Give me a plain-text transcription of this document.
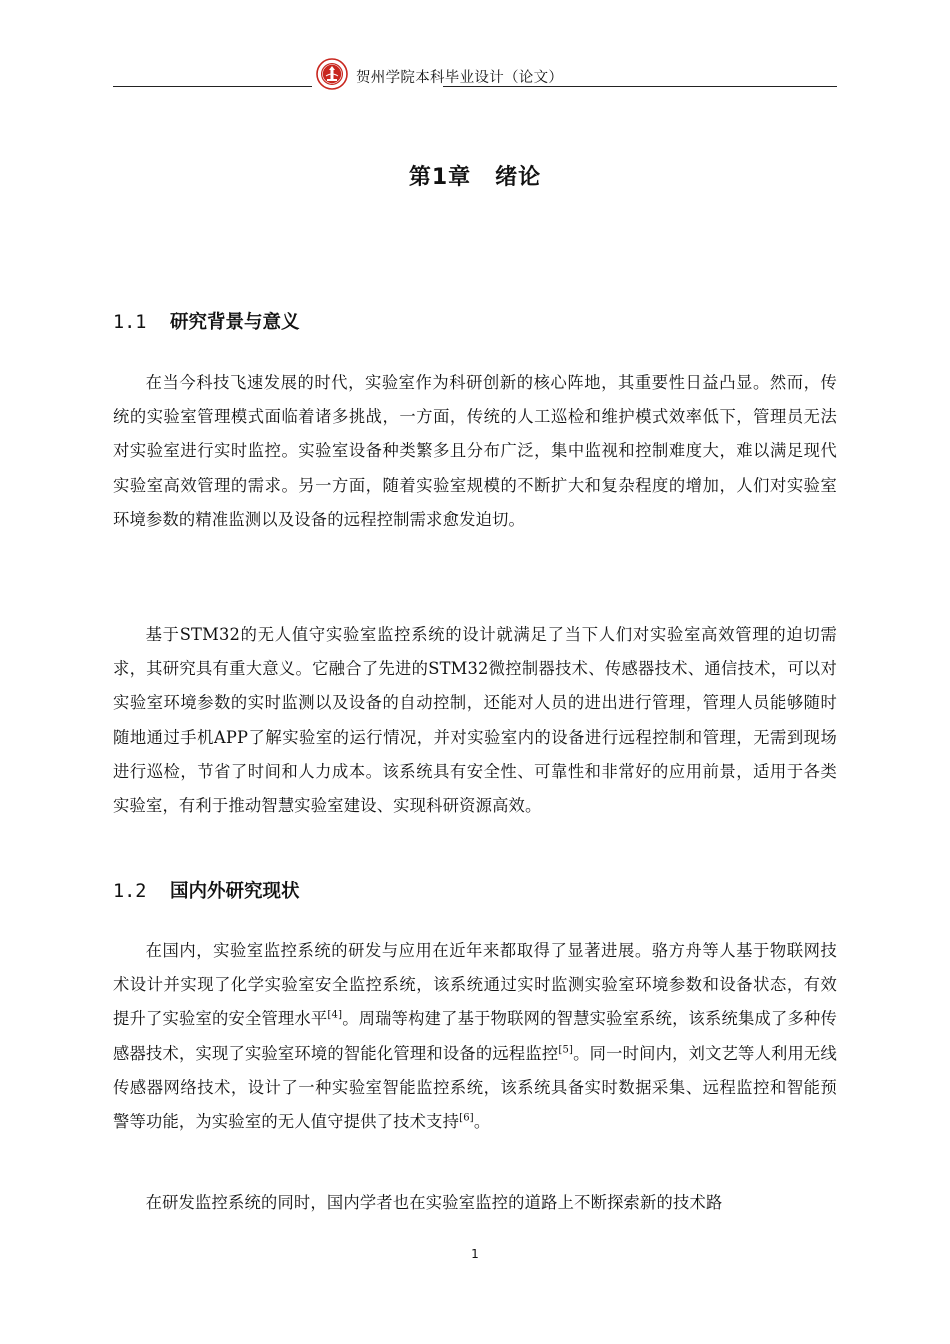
贺州学院本科毕业设计（论文）
第1章 绪论
1.1 研究背景与意义
在当今科技飞速发展的时代，实验室作为科研创新的核心阵地，其重要性日益凸显。然而，传统的实验室管理模式面临着诸多挑战，一方面，传统的人工巡检和维护模式效率低下，管理员无法对实验室进行实时监控。实验室设备种类繁多且分布广泛，集中监视和控制难度大，难以满足现代实验室高效管理的需求。另一方面，随着实验室规模的不断扩大和复杂程度的增加，人们对实验室环境参数的精准监测以及设备的远程控制需求愈发迫切。
基于STM32的无人值守实验室监控系统的设计就满足了当下人们对实验室高效管理的迫切需求，其研究具有重大意义。它融合了先进的STM32微控制器技术、传感器技术、通信技术，可以对实验室环境参数的实时监测以及设备的自动控制，还能对人员的进出进行管理，管理人员能够随时随地通过手机APP了解实验室的运行情况，并对实验室内的设备进行远程控制和管理，无需到现场进行巡检，节省了时间和人力成本。该系统具有安全性、可靠性和非常好的应用前景，适用于各类实验室，有利于推动智慧实验室建设、实现科研资源高效。
1.2 国内外研究现状
在国内，实验室监控系统的研发与应用在近年来都取得了显著进展。骆方舟等人基于物联网技术设计并实现了化学实验室安全监控系统，该系统通过实时监测实验室环境参数和设备状态，有效提升了实验室的安全管理水平[4]。周瑞等构建了基于物联网的智慧实验室系统，该系统集成了多种传感器技术，实现了实验室环境的智能化管理和设备的远程监控[5]。同一时间内，刘文艺等人利用无线传感器网络技术，设计了一种实验室智能监控系统，该系统具备实时数据采集、远程监控和智能预警等功能，为实验室的无人值守提供了技术支持[6]。
在研发监控系统的同时，国内学者也在实验室监控的道路上不断探索新的技术路
1
